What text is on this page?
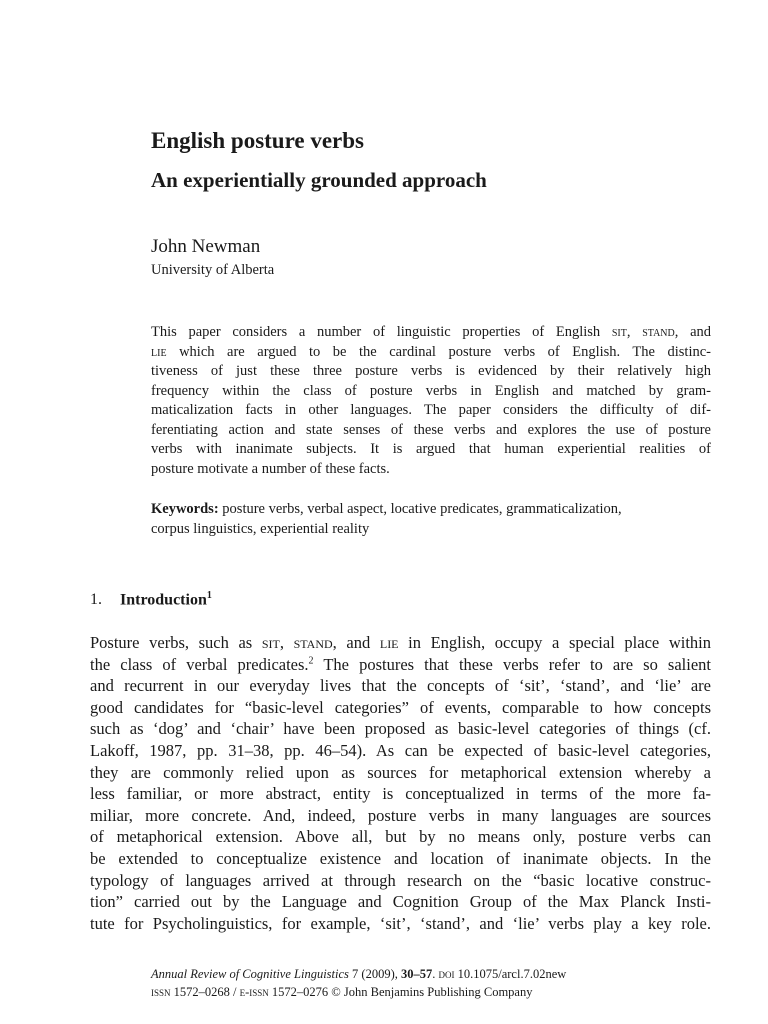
English posture verbs
An experientially grounded approach
John Newman
University of Alberta
This paper considers a number of linguistic properties of English sit, stand, and
lie which are argued to be the cardinal posture verbs of English. The distinc-
tiveness of just these three posture verbs is evidenced by their relatively high
frequency within the class of posture verbs in English and matched by gram-
maticalization facts in other languages. The paper considers the difficulty of dif-
ferentiating action and state senses of these verbs and explores the use of posture
verbs with inanimate subjects. It is argued that human experiential realities of
posture motivate a number of these facts.
Keywords: posture verbs, verbal aspect, locative predicates, grammaticalization,
corpus linguistics, experiential reality
1. Introduction$^1$
Posture verbs, such as sit, stand, and lie in English, occupy a special place within
the class of verbal predicates.$^2$ The postures that these verbs refer to are so salient
and recurrent in our everyday lives that the concepts of ‘sit’, ‘stand’, and ‘lie’ are
good candidates for “basic-level categories” of events, comparable to how concepts
such as ‘dog’ and ‘chair’ have been proposed as basic-level categories of things (cf.
Lakoff, 1987, pp. 31–38, pp. 46–54). As can be expected of basic-level categories,
they are commonly relied upon as sources for metaphorical extension whereby a
less familiar, or more abstract, entity is conceptualized in terms of the more fa-
miliar, more concrete. And, indeed, posture verbs in many languages are sources
of metaphorical extension. Above all, but by no means only, posture verbs can
be extended to conceptualize existence and location of inanimate objects. In the
typology of languages arrived at through research on the “basic locative construc-
tion” carried out by the Language and Cognition Group of the Max Planck Insti-
tute for Psycholinguistics, for example, ‘sit’, ‘stand’, and ‘lie’ verbs play a key role.
Annual Review of Cognitive Linguistics 7 (2009), 30–57. doi 10.1075/arcl.7.02new
issn 1572–0268 / e-issn 1572–0276 © John Benjamins Publishing Company
